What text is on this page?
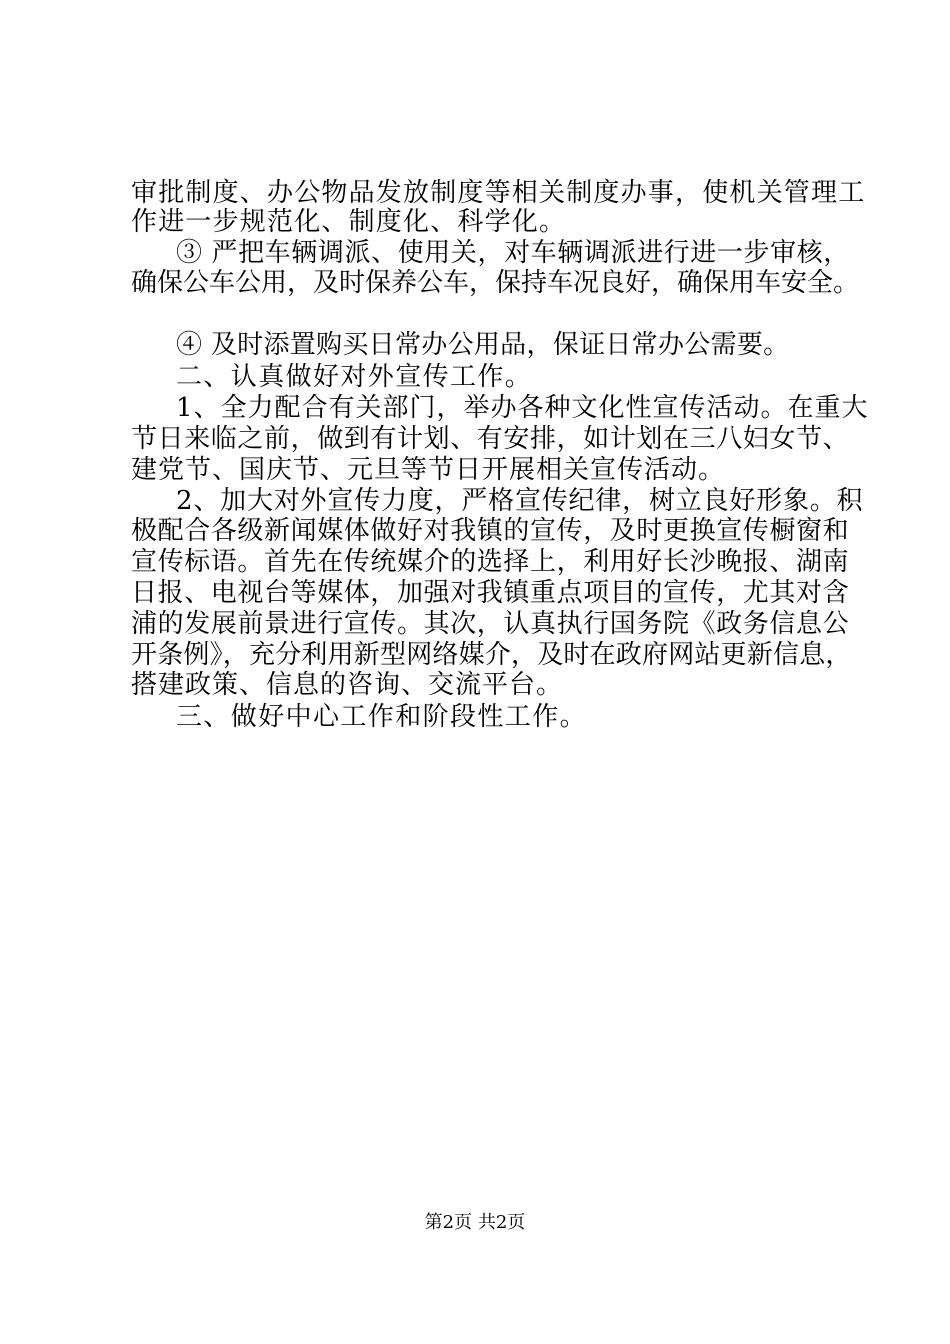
审批制度、办公物品发放制度等相关制度办事，使机关管理工

作进一步规范化、制度化、科学化。

③ 严把车辆调派、使用关，对车辆调派进行进一步审核，

确保公车公用，及时保养公车，保持车况良好，确保用车安全。

④ 及时添置购买日常办公用品，保证日常办公需要。

二、认真做好对外宣传工作。

1、全力配合有关部门，举办各种文化性宣传活动。在重大

节日来临之前，做到有计划、有安排，如计划在三八妇女节、

建党节、国庆节、元旦等节日开展相关宣传活动。

2、加大对外宣传力度，严格宣传纪律，树立良好形象。积

极配合各级新闻媒体做好对我镇的宣传，及时更换宣传橱窗和

宣传标语。首先在传统媒介的选择上，利用好长沙晚报、湖南

日报、电视台等媒体，加强对我镇重点项目的宣传，尤其对含

浦的发展前景进行宣传。其次，认真执行国务院《政务信息公

开条例》，充分利用新型网络媒介，及时在政府网站更新信息，

搭建政策、信息的咨询、交流平台。

三、做好中心工作和阶段性工作。

第2页 共2页
